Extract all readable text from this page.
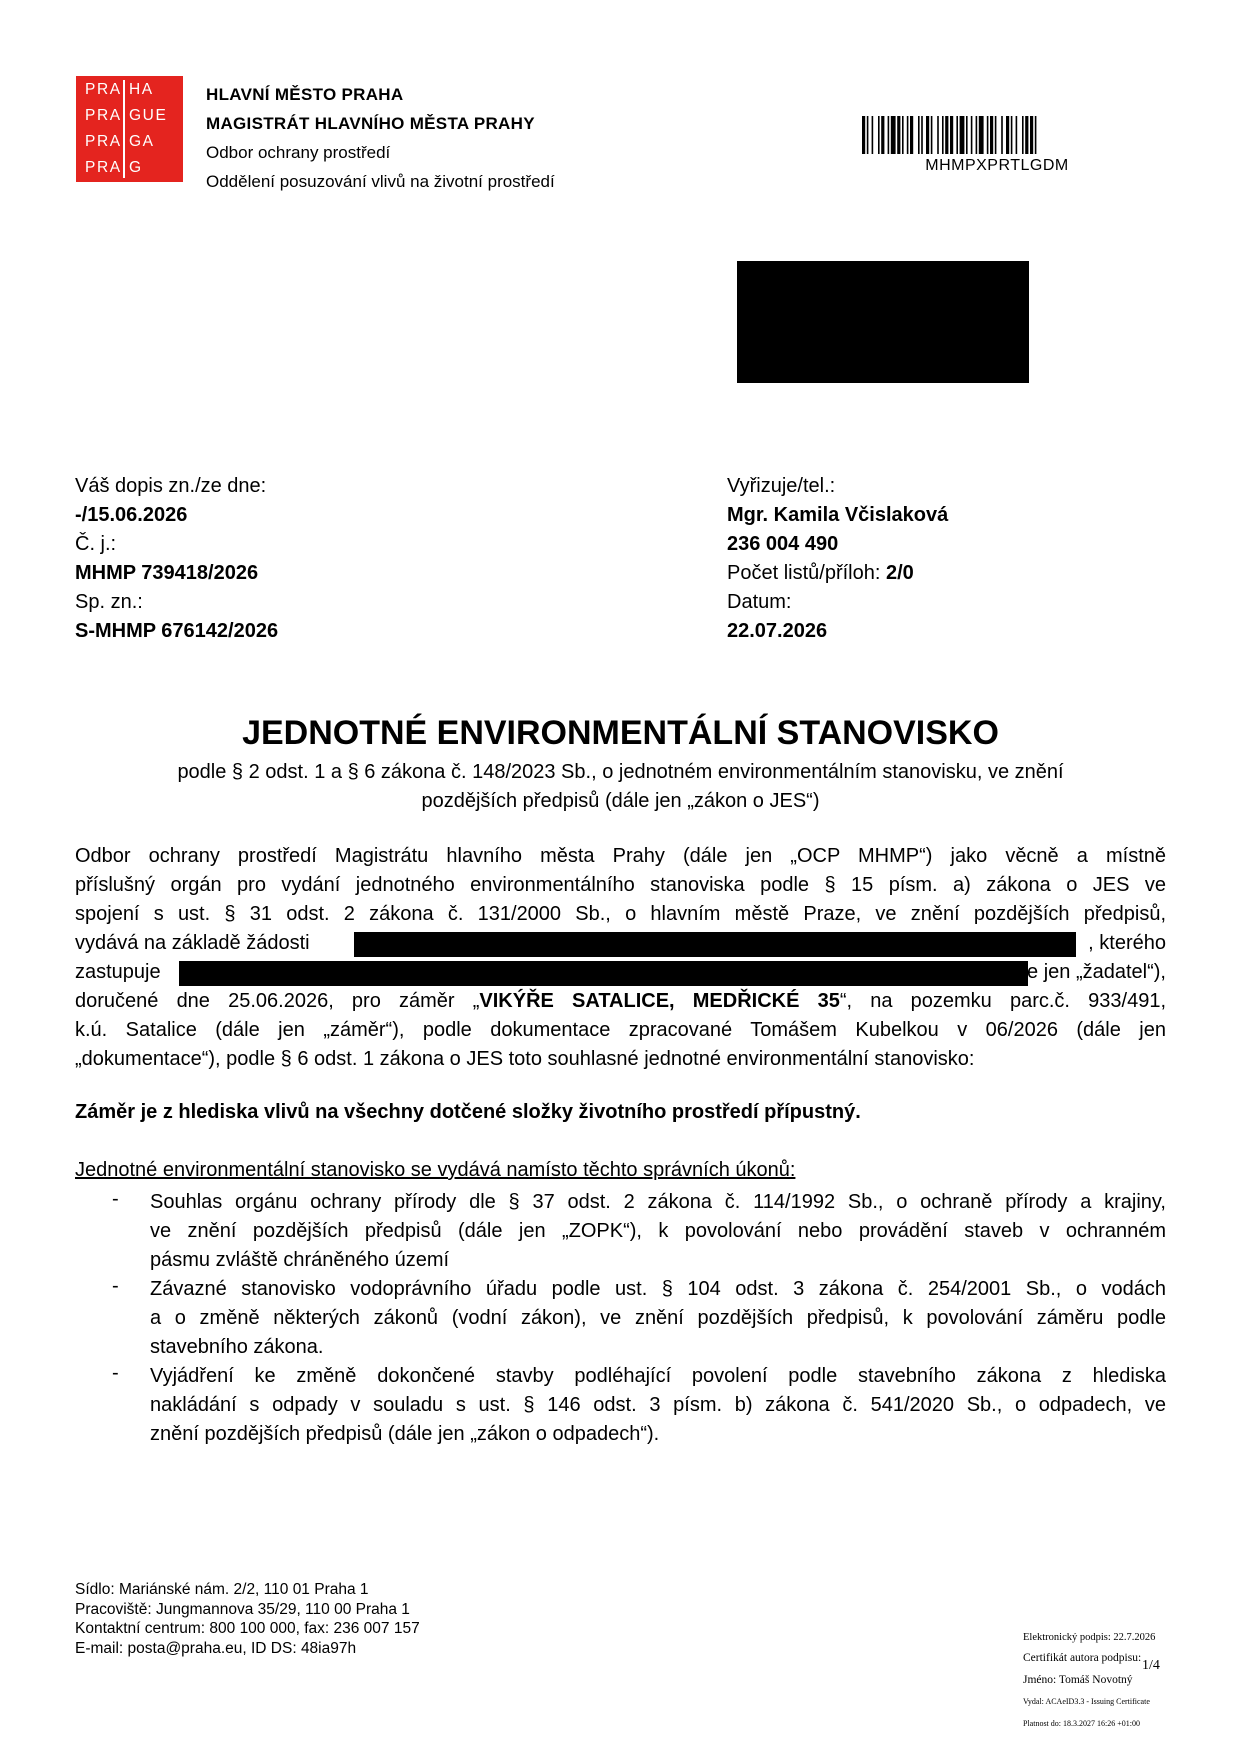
PRA HA
PRA GUE
PRA GA
PRA G
HLAVNÍ MĚSTO PRAHA
MAGISTRÁT HLAVNÍHO MĚSTA PRAHY
Odbor ochrany prostředí
Oddělení posuzování vlivů na životní prostředí
MHMPXPRTLGDM
Váš dopis zn./ze dne:
-/15.06.2026
Č. j.:
MHMP 739418/2026
Sp. zn.:
S-MHMP 676142/2026
Vyřizuje/tel.:
Mgr. Kamila Včislaková
236 004 490
Počet listů/příloh: 2/0
Datum:
22.07.2026
JEDNOTNÉ ENVIRONMENTÁLNÍ STANOVISKO
podle § 2 odst. 1 a § 6 zákona č. 148/2023 Sb., o jednotném environmentálním stanovisku, ve znění
pozdějších předpisů (dále jen „zákon o JES“)
Odbor ochrany prostředí Magistrátu hlavního města Prahy (dále jen „OCP MHMP“) jako věcně a místně
příslušný orgán pro vydání jednotného environmentálního stanoviska podle § 15 písm. a) zákona o JES ve
spojení s ust. § 31 odst. 2 zákona č. 131/2000 Sb., o hlavním městě Praze, ve znění pozdějších předpisů,
vydává na základě žádosti	, kterého
zastupuje	(dále jen „žadatel“),
doručené dne 25.06.2026, pro záměr „VIKÝŘE SATALICE, MEDŘICKÉ 35“, na pozemku parc.č. 933/491,
k.ú. Satalice (dále jen „záměr“), podle dokumentace zpracované Tomášem Kubelkou v 06/2026 (dále jen
„dokumentace“), podle § 6 odst. 1 zákona o JES toto souhlasné jednotné environmentální stanovisko:
Záměr je z hlediska vlivů na všechny dotčené složky životního prostředí přípustný.
Jednotné environmentální stanovisko se vydává namísto těchto správních úkonů:
- Souhlas orgánu ochrany přírody dle § 37 odst. 2 zákona č. 114/1992 Sb., o ochraně přírody a krajiny,
ve znění pozdějších předpisů (dále jen „ZOPK“), k povolování nebo provádění staveb v ochranném
pásmu zvláště chráněného území
- Závazné stanovisko vodoprávního úřadu podle ust. § 104 odst. 3 zákona č. 254/2001 Sb., o vodách
a o změně některých zákonů (vodní zákon), ve znění pozdějších předpisů, k povolování záměru podle
stavebního zákona.
- Vyjádření ke změně dokončené stavby podléhající povolení podle stavebního zákona z hlediska
nakládání s odpady v souladu s ust. § 146 odst. 3 písm. b) zákona č. 541/2020 Sb., o odpadech, ve
znění pozdějších předpisů (dále jen „zákon o odpadech“).
Sídlo: Mariánské nám. 2/2, 110 01 Praha 1
Pracoviště: Jungmannova 35/29, 110 00 Praha 1
Kontaktní centrum: 800 100 000, fax: 236 007 157
E-mail: posta@praha.eu, ID DS: 48ia97h
Elektronický podpis: 22.7.2026
Certifikát autora podpisu:
Jméno: Tomáš Novotný
Vydal: ACAeID3.3 - Issuing Certificate
Platnost do: 18.3.2027 16:26 +01:00
1/4
